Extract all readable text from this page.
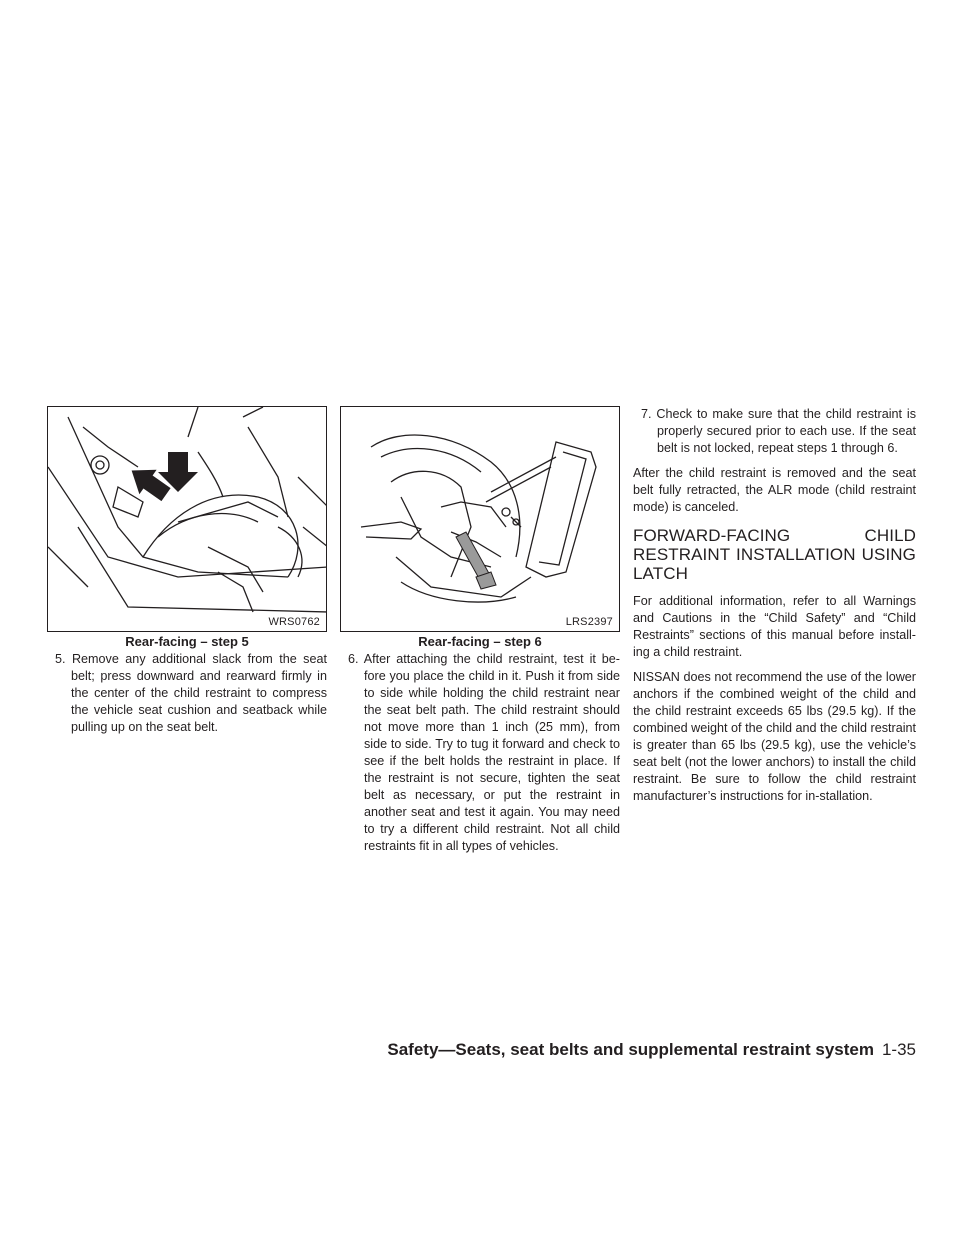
WRS0762
Rear-facing – step 5
LRS2397
Rear-facing – step 6

5. Remove any additional slack from the seat belt; press downward and rearward firmly in the center of the child restraint to compress the vehicle seat cushion and seatback while pulling up on the seat belt.

6. After attaching the child restraint, test it be-fore you place the child in it. Push it from side to side while holding the child restraint near the seat belt path. The child restraint should not move more than 1 inch (25 mm), from side to side. Try to tug it forward and check to see if the belt holds the restraint in place. If the restraint is not secure, tighten the seat belt as necessary, or put the restraint in another seat and test it again. You may need to try a different child restraint. Not all child restraints fit in all types of vehicles.

7. Check to make sure that the child restraint is properly secured prior to each use. If the seat belt is not locked, repeat steps 1 through 6.

After the child restraint is removed and the seat belt fully retracted, the ALR mode (child restraint mode) is canceled.

FORWARD-FACING CHILD RESTRAINT INSTALLATION USING LATCH

For additional information, refer to all Warnings and Cautions in the “Child Safety” and “Child Restraints” sections of this manual before install-ing a child restraint.

NISSAN does not recommend the use of the lower anchors if the combined weight of the child and the child restraint exceeds 65 lbs (29.5 kg). If the combined weight of the child and the child restraint is greater than 65 lbs (29.5 kg), use the vehicle’s seat belt (not the lower anchors) to install the child restraint. Be sure to follow the child restraint manufacturer’s instructions for in-stallation.

Safety—Seats, seat belts and supplemental restraint system 1-35
